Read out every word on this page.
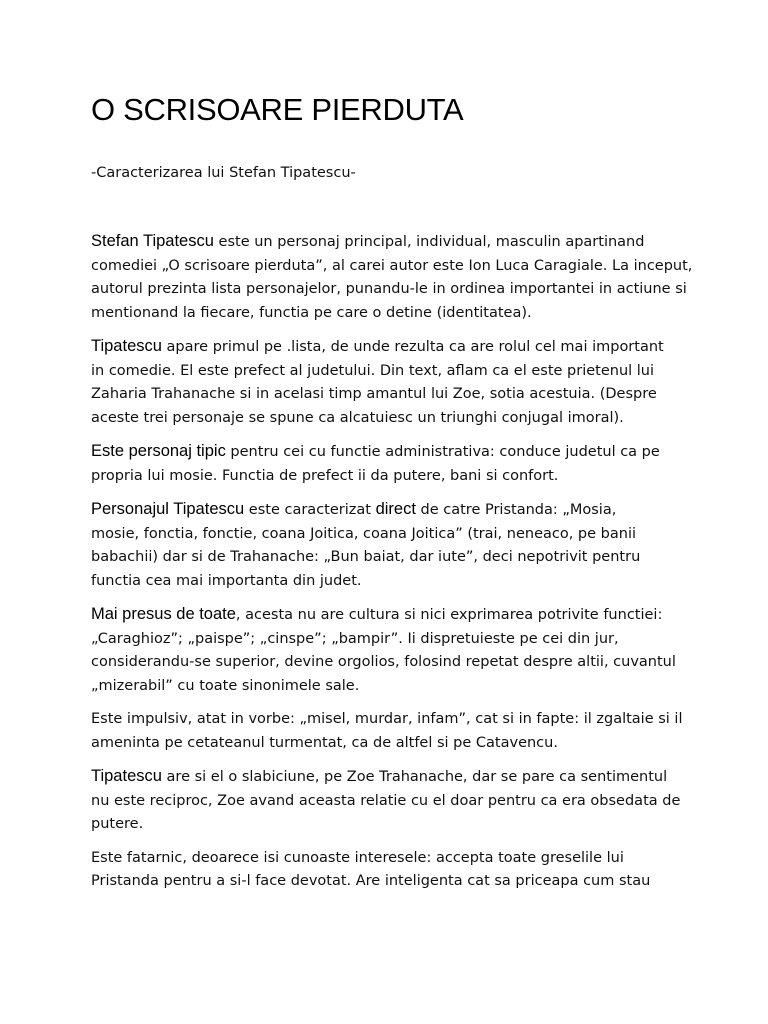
O SCRISOARE PIERDUTA
-Caracterizarea lui Stefan Tipatescu-

Stefan Tipatescu este un personaj principal, individual, masculin apartinand
comediei „O scrisoare pierduta”, al carei autor este Ion Luca Caragiale. La inceput,
autorul prezinta lista personajelor, punandu-le in ordinea importantei in actiune si
mentionand la fiecare, functia pe care o detine (identitatea).

Tipatescu apare primul pe .lista, de unde rezulta ca are rolul cel mai important
in comedie. El este prefect al judetului. Din text, aflam ca el este prietenul lui
Zaharia Trahanache si in acelasi timp amantul lui Zoe, sotia acestuia. (Despre
aceste trei personaje se spune ca alcatuiesc un triunghi conjugal imoral).

Este personaj tipic pentru cei cu functie administrativa: conduce judetul ca pe
propria lui mosie. Functia de prefect ii da putere, bani si confort.

Personajul Tipatescu este caracterizat direct de catre Pristanda: „Mosia,
mosie, fonctia, fonctie, coana Joitica, coana Joitica” (trai, neneaco, pe banii
babachii) dar si de Trahanache: „Bun baiat, dar iute”, deci nepotrivit pentru
functia cea mai importanta din judet.

Mai presus de toate, acesta nu are cultura si nici exprimarea potrivite functiei:
„Caraghioz”; „paispe”; „cinspe”; „bampir”. Ii dispretuieste pe cei din jur,
considerandu-se superior, devine orgolios, folosind repetat despre altii, cuvantul
„mizerabil” cu toate sinonimele sale.

Este impulsiv, atat in vorbe: „misel, murdar, infam”, cat si in fapte: il zgaltaie si il
ameninta pe cetateanul turmentat, ca de altfel si pe Catavencu.

Tipatescu are si el o slabiciune, pe Zoe Trahanache, dar se pare ca sentimentul
nu este reciproc, Zoe avand aceasta relatie cu el doar pentru ca era obsedata de
putere.

Este fatarnic, deoarece isi cunoaste interesele: accepta toate greselile lui
Pristanda pentru a si-l face devotat. Are inteligenta cat sa priceapa cum stau
